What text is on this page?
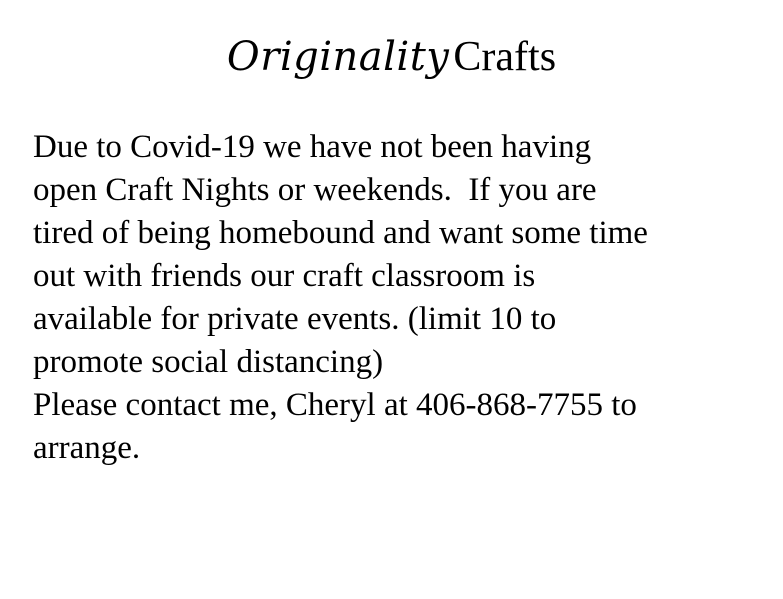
Originality Crafts
Due to Covid-19 we have not been having
open Craft Nights or weekends.  If you are
tired of being homebound and want some time
out with friends our craft classroom is
available for private events. (limit 10 to
promote social distancing)
Please contact me, Cheryl at 406-868-7755 to
arrange.
